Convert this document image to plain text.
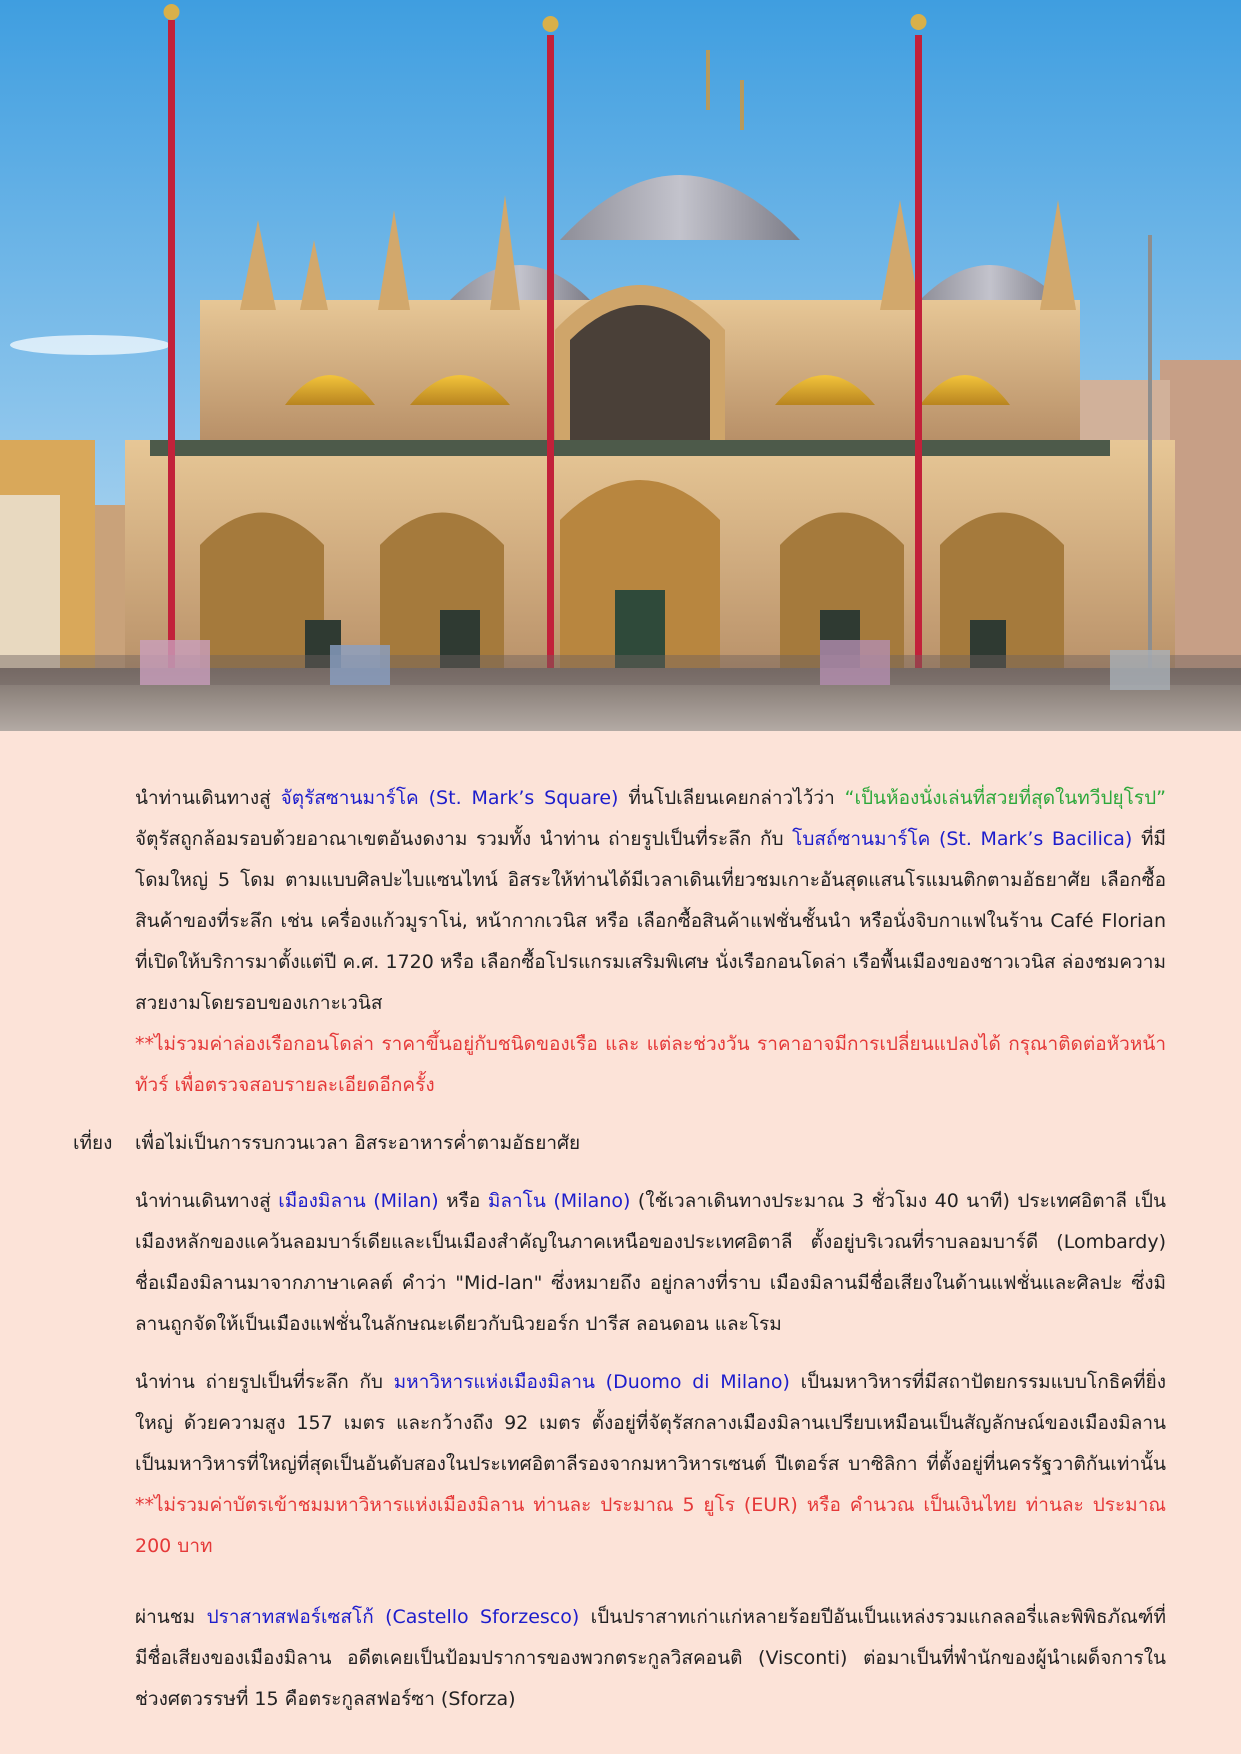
นำท่านเดินทางสู่ จัตุรัสซานมาร์โค (St. Mark’s Square) ที่นโปเลียนเคยกล่าวไว้ว่า “เป็นห้องนั่งเล่นที่สวยที่สุดในทวีปยุโรป” จัตุรัสถูกล้อมรอบด้วยอาณาเขตอันงดงาม รวมทั้ง นำท่าน ถ่ายรูปเป็นที่ระลึก กับ โบสถ์ซานมาร์โค (St. Mark’s Bacilica) ที่มีโดมใหญ่ 5 โดม ตามแบบศิลปะไบแซนไทน์ อิสระให้ท่านได้มีเวลาเดินเที่ยวชมเกาะอันสุดแสนโรแมนติกตามอัธยาศัย เลือกซื้อสินค้าของที่ระลึก เช่น เครื่องแก้วมูราโน่, หน้ากากเวนิส หรือ เลือกซื้อสินค้าแฟชั่นชั้นนำ หรือนั่งจิบกาแฟในร้าน Café Florian ที่เปิดให้บริการมาตั้งแต่ปี ค.ศ. 1720 หรือ เลือกซื้อโปรแกรมเสริมพิเศษ นั่งเรือกอนโดล่า เรือพื้นเมืองของชาวเวนิส ล่องชมความสวยงามโดยรอบของเกาะเวนิส
**ไม่รวมค่าล่องเรือกอนโดล่า ราคาขึ้นอยู่กับชนิดของเรือ และ แต่ละช่วงวัน ราคาอาจมีการเปลี่ยนแปลงได้ กรุณาติดต่อหัวหน้าทัวร์ เพื่อตรวจสอบรายละเอียดอีกครั้ง

เที่ยง	เพื่อไม่เป็นการรบกวนเวลา อิสระอาหารค่ำตามอัธยาศัย

นำท่านเดินทางสู่ เมืองมิลาน (Milan) หรือ มิลาโน (Milano) (ใช้เวลาเดินทางประมาณ 3 ชั่วโมง 40 นาที) ประเทศอิตาลี เป็นเมืองหลักของแคว้นลอมบาร์เดียและเป็นเมืองสำคัญในภาคเหนือของประเทศอิตาลี ตั้งอยู่บริเวณที่ราบลอมบาร์ดี (Lombardy) ชื่อเมืองมิลานมาจากภาษาเคลต์ คำว่า "Mid-lan" ซึ่งหมายถึง อยู่กลางที่ราบ เมืองมิลานมีชื่อเสียงในด้านแฟชั่นและศิลปะ ซึ่งมิลานถูกจัดให้เป็นเมืองแฟชั่นในลักษณะเดียวกับนิวยอร์ก ปารีส ลอนดอน และโรม

นำท่าน ถ่ายรูปเป็นที่ระลึก กับ มหาวิหารแห่งเมืองมิลาน (Duomo di Milano) เป็นมหาวิหารที่มีสถาปัตยกรรมแบบโกธิคที่ยิ่งใหญ่ ด้วยความสูง 157 เมตร และกว้างถึง 92 เมตร ตั้งอยู่ที่จัตุรัสกลางเมืองมิลานเปรียบเหมือนเป็นสัญลักษณ์ของเมืองมิลาน เป็นมหาวิหารที่ใหญ่ที่สุดเป็นอันดับสองในประเทศอิตาลีรองจากมหาวิหารเซนต์ ปีเตอร์ส บาซิลิกา ที่ตั้งอยู่ที่นครรัฐวาติกันเท่านั้น **ไม่รวมค่าบัตรเข้าชมมหาวิหารแห่งเมืองมิลาน ท่านละ ประมาณ 5 ยูโร (EUR) หรือ คำนวณ เป็นเงินไทย ท่านละ ประมาณ 200 บาท

ผ่านชม ปราสาทสฟอร์เซสโก้ (Castello Sforzesco) เป็นปราสาทเก่าแก่หลายร้อยปีอันเป็นแหล่งรวมแกลลอรี่และพิพิธภัณฑ์ที่มีชื่อเสียงของเมืองมิลาน อดีตเคยเป็นป้อมปราการของพวกตระกูลวิสคอนติ (Visconti) ต่อมาเป็นที่พำนักของผู้นำเผด็จการในช่วงศตวรรษที่ 15 คือตระกูลสฟอร์ซา (Sforza)
